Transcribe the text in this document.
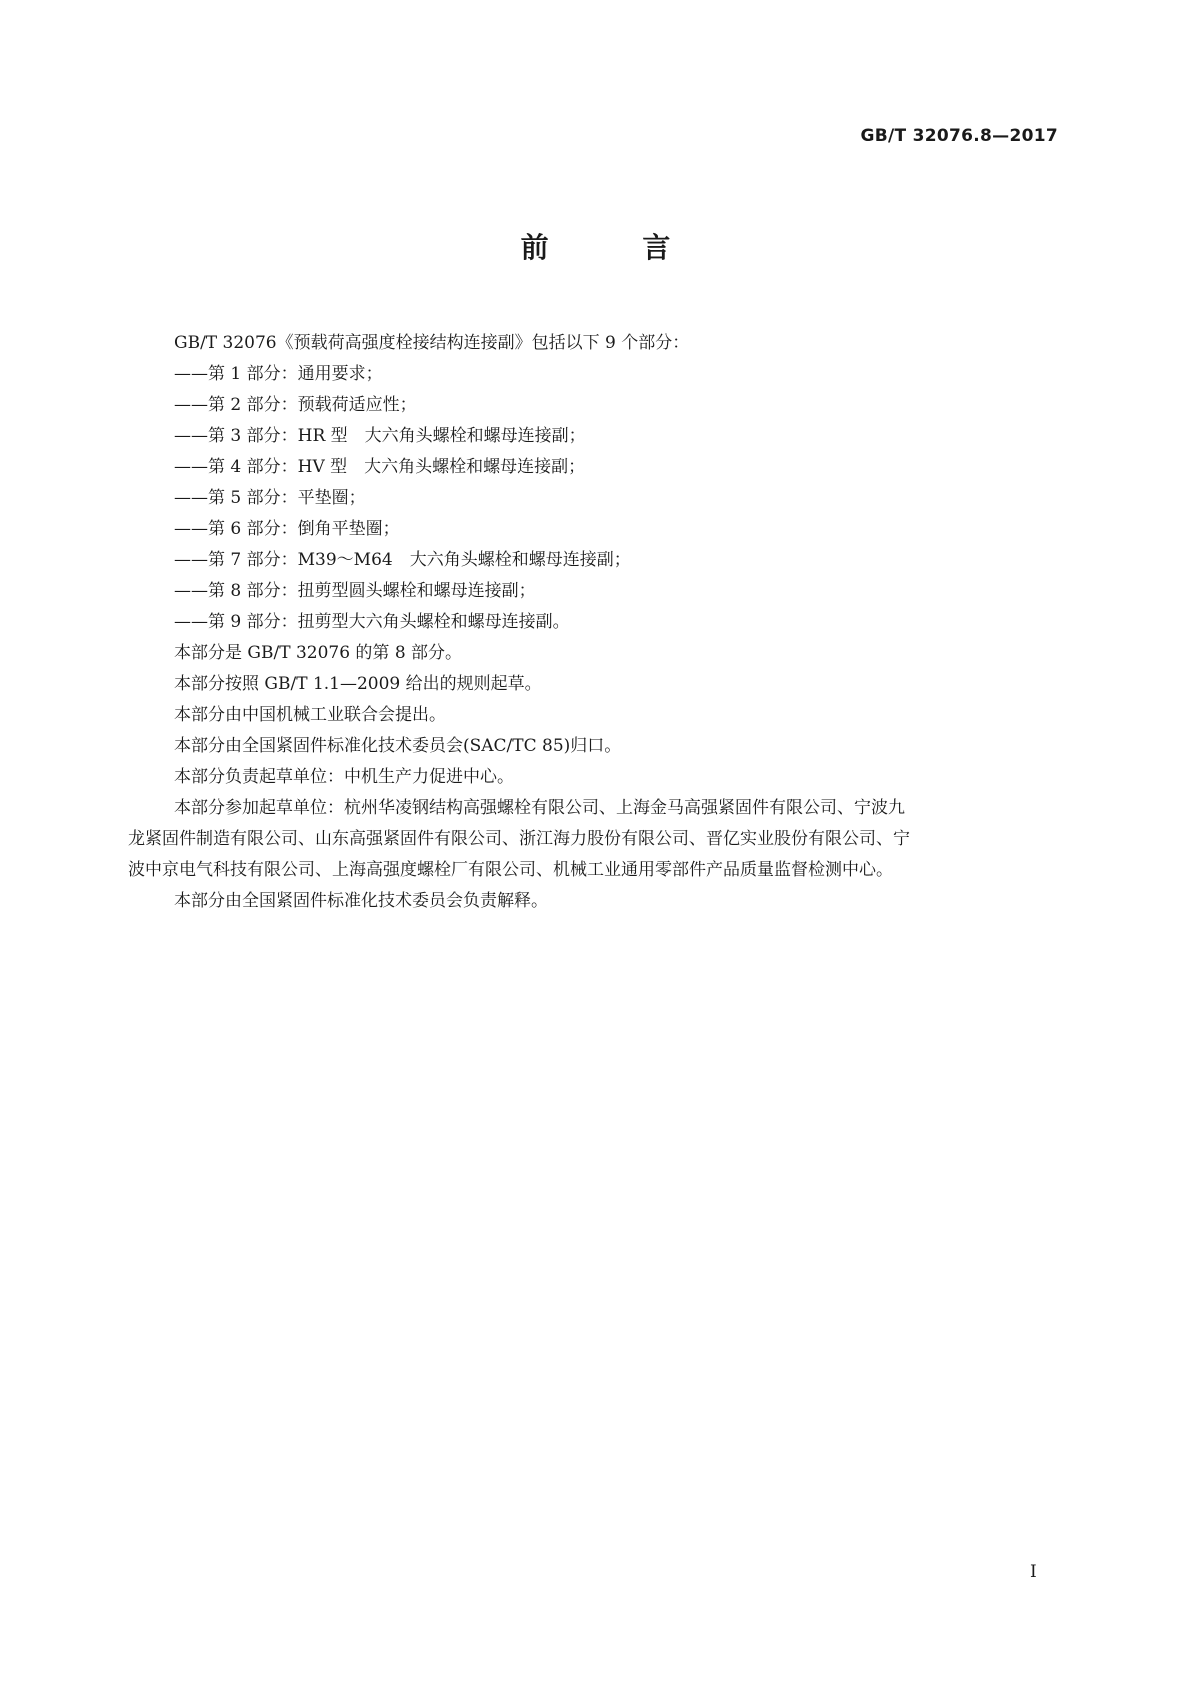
GB/T 32076.8—2017
前 言
GB/T 32076《预载荷高强度栓接结构连接副》包括以下 9 个部分：
——第 1 部分：通用要求；
——第 2 部分：预载荷适应性；
——第 3 部分：HR 型　大六角头螺栓和螺母连接副；
——第 4 部分：HV 型　大六角头螺栓和螺母连接副；
——第 5 部分：平垫圈；
——第 6 部分：倒角平垫圈；
——第 7 部分：M39～M64　大六角头螺栓和螺母连接副；
——第 8 部分：扭剪型圆头螺栓和螺母连接副；
——第 9 部分：扭剪型大六角头螺栓和螺母连接副。
本部分是 GB/T 32076 的第 8 部分。
本部分按照 GB/T 1.1—2009 给出的规则起草。
本部分由中国机械工业联合会提出。
本部分由全国紧固件标准化技术委员会(SAC/TC 85)归口。
本部分负责起草单位：中机生产力促进中心。
本部分参加起草单位：杭州华凌钢结构高强螺栓有限公司、上海金马高强紧固件有限公司、宁波九
龙紧固件制造有限公司、山东高强紧固件有限公司、浙江海力股份有限公司、晋亿实业股份有限公司、宁
波中京电气科技有限公司、上海高强度螺栓厂有限公司、机械工业通用零部件产品质量监督检测中心。
本部分由全国紧固件标准化技术委员会负责解释。
I
